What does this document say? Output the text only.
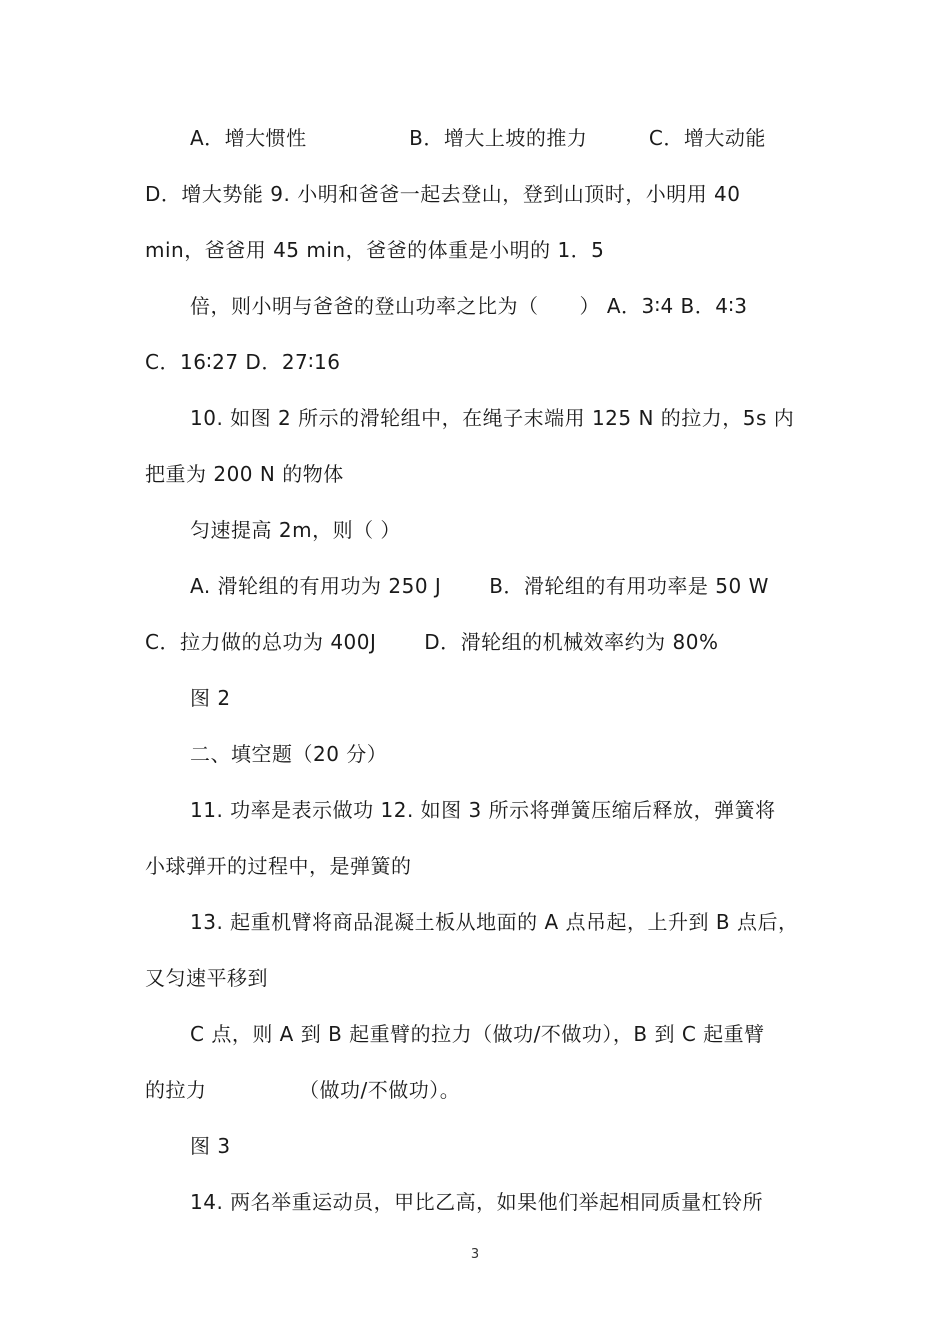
A．增大惯性　　　　　B．增大上坡的推力　　　C．增大动能
D．增大势能 9. 小明和爸爸一起去登山，登到山顶时，小明用 40
min，爸爸用 45 min，爸爸的体重是小明的 1．5
倍，则小明与爸爸的登山功率之比为（　　） A．3∶4 B．4∶3
C．16∶27 D．27∶16
10. 如图 2 所示的滑轮组中，在绳子末端用 125 N 的拉力，5s 内
把重为 200 N 的物体
匀速提高 2m，则（ ）
A. 滑轮组的有用功为 250 J　　 B．滑轮组的有用功率是 50 W
C．拉力做的总功为 400J　　 D．滑轮组的机械效率约为 80%
图 2
二、填空题（20 分）
11. 功率是表示做功 12. 如图 3 所示将弹簧压缩后释放，弹簧将
小球弹开的过程中，是弹簧的
13. 起重机臂将商品混凝土板从地面的 A 点吊起，上升到 B 点后，
又匀速平移到
C 点，则 A 到 B 起重臂的拉力（做功/不做功），B 到 C 起重臂
的拉力　　　　　（做功/不做功）。
图 3
14. 两名举重运动员，甲比乙高，如果他们举起相同质量杠铃所
3
